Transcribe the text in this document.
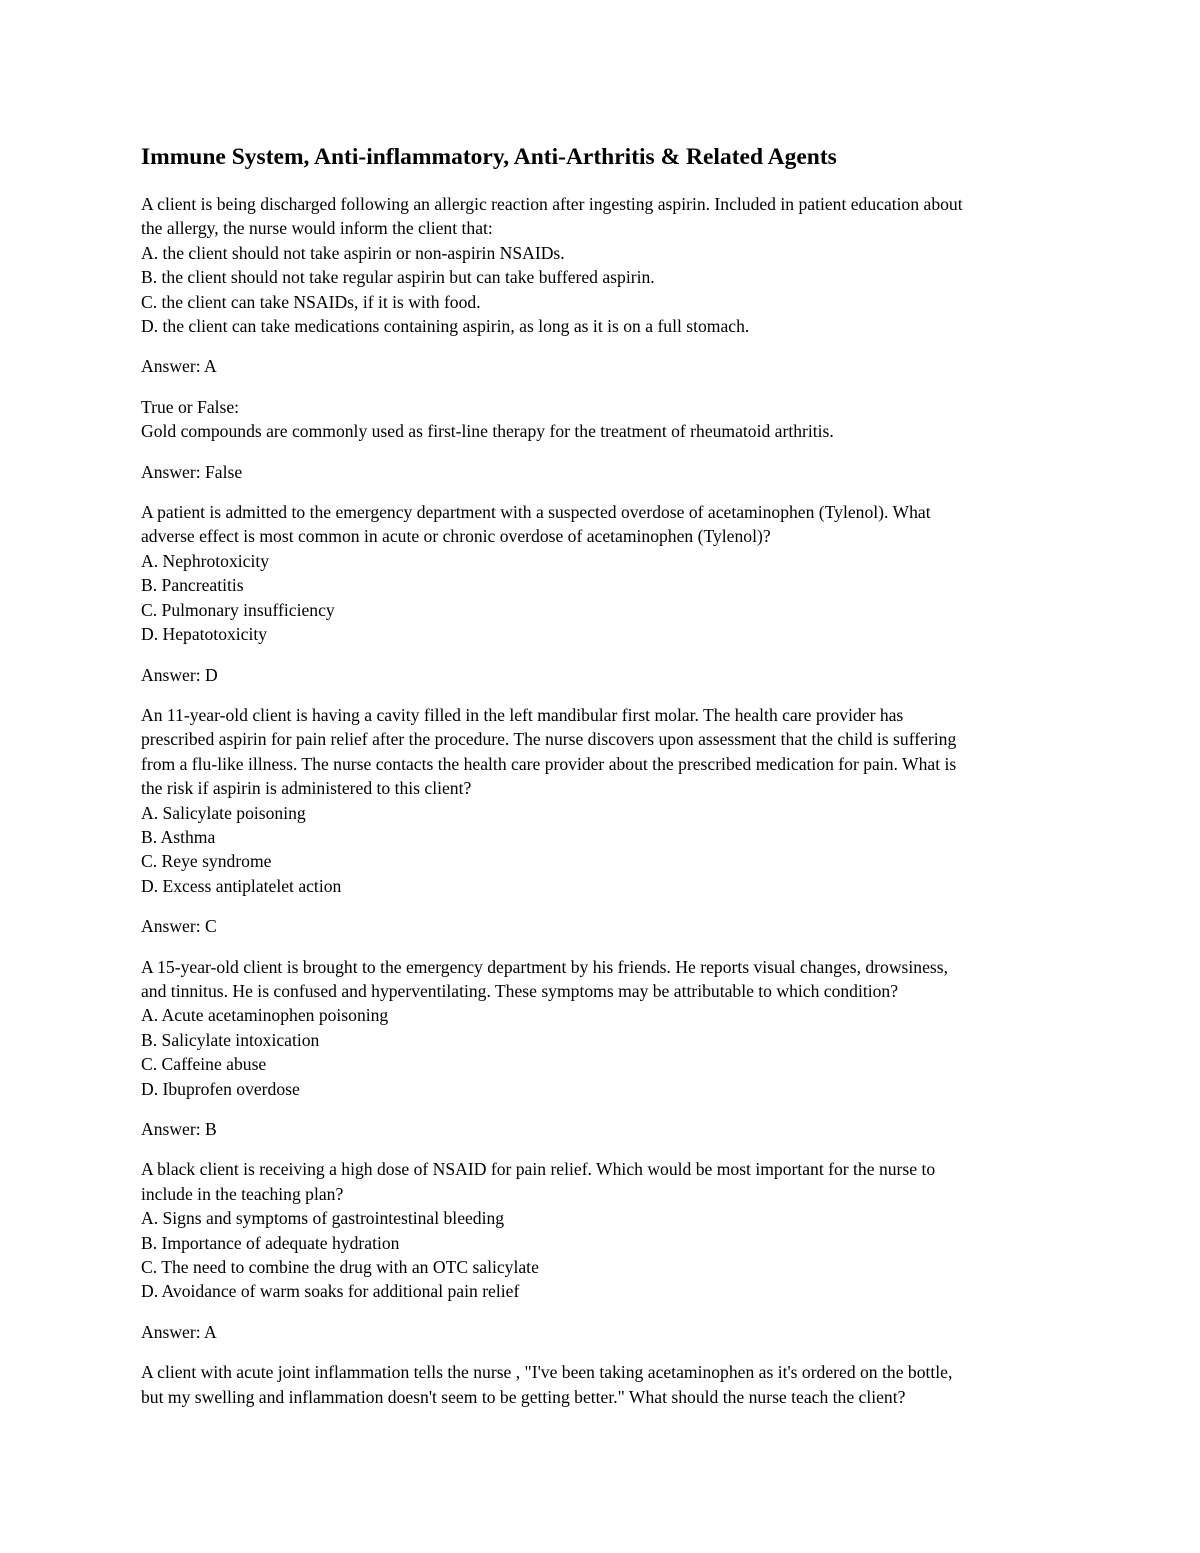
Immune System, Anti-inflammatory, Anti-Arthritis & Related Agents
A client is being discharged following an allergic reaction after ingesting aspirin. Included in patient education about
the allergy, the nurse would inform the client that:
A. the client should not take aspirin or non-aspirin NSAIDs.
B. the client should not take regular aspirin but can take buffered aspirin.
C. the client can take NSAIDs, if it is with food.
D. the client can take medications containing aspirin, as long as it is on a full stomach.
Answer: A
True or False:
Gold compounds are commonly used as first-line therapy for the treatment of rheumatoid arthritis.
Answer: False
A patient is admitted to the emergency department with a suspected overdose of acetaminophen (Tylenol). What
adverse effect is most common in acute or chronic overdose of acetaminophen (Tylenol)?
A. Nephrotoxicity
B. Pancreatitis
C. Pulmonary insufficiency
D. Hepatotoxicity
Answer: D
An 11-year-old client is having a cavity filled in the left mandibular first molar. The health care provider has
prescribed aspirin for pain relief after the procedure. The nurse discovers upon assessment that the child is suffering
from a flu-like illness. The nurse contacts the health care provider about the prescribed medication for pain. What is
the risk if aspirin is administered to this client?
A. Salicylate poisoning
B. Asthma
C. Reye syndrome
D. Excess antiplatelet action
Answer: C
A 15-year-old client is brought to the emergency department by his friends. He reports visual changes, drowsiness,
and tinnitus. He is confused and hyperventilating. These symptoms may be attributable to which condition?
A. Acute acetaminophen poisoning
B. Salicylate intoxication
C. Caffeine abuse
D. Ibuprofen overdose
Answer: B
A black client is receiving a high dose of NSAID for pain relief. Which would be most important for the nurse to
include in the teaching plan?
A. Signs and symptoms of gastrointestinal bleeding
B. Importance of adequate hydration
C. The need to combine the drug with an OTC salicylate
D. Avoidance of warm soaks for additional pain relief
Answer: A
A client with acute joint inflammation tells the nurse , "I've been taking acetaminophen as it's ordered on the bottle,
but my swelling and inflammation doesn't seem to be getting better." What should the nurse teach the client?
